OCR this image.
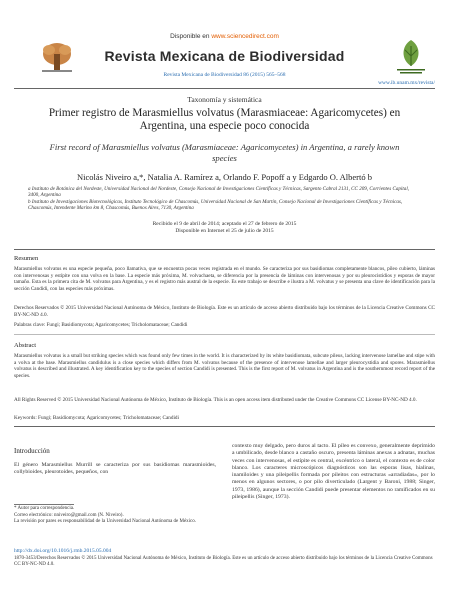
Disponible en www.sciencedirect.com
Revista Mexicana de Biodiversidad
Revista Mexicana de Biodiversidad 86 (2015) 565–568
www.ib.unam.mx/revista/
Taxonomía y sistemática
Primer registro de Marasmiellus volvatus (Marasmiaceae: Agaricomycetes) en Argentina, una especie poco conocida
First record of Marasmiellus volvatus (Marasmiaceae: Agaricomycetes) in Argentina, a rarely known species
Nicolás Niveiro a,*, Natalia A. Ramírez a, Orlando F. Popoff a y Edgardo O. Albertó b
a Instituto de Botánica del Nordeste, Universidad Nacional del Nordeste, Consejo Nacional de Investigaciones Científicas y Técnicas, Sargento Cabral 2131, CC 209, Corrientes Capital, 3400, Argentina
b Instituto de Investigaciones Biotecnológicas, Instituto Tecnológico de Chascomús, Universidad Nacional de San Martín, Consejo Nacional de Investigaciones Científicas y Técnicas, Chascomús, Intendente Marino km 8, Chascomús, Buenos Aires, 7130, Argentina
Recibido el 9 de abril de 2014; aceptado el 27 de febrero de 2015
Disponible en Internet el 25 de julio de 2015
Resumen
Marasmiellus volvatus es una especie pequeña, poco llamativa, que se encuentra pocas veces registrada en el mundo. Se caracteriza por sus basidiomas completamente blancos, píleo cubierto, láminas con intervenosas y estípite con una volva en la base. La especie más próxima, M. volvachaeta, se diferencia por la presencia de láminas con intervenosas y por su pleurocistidios y esporas de mayor tamaño. Esta es la primera cita de M. volvatus para Argentina, y es el registro más austral de la especie. Es este trabajo se describe e ilustra a M. volvatus y se presenta una clave de identificación para la sección Candidi, con las especies más próximas.
Derechos Reservados © 2015 Universidad Nacional Autónoma de México, Instituto de Biología. Este es un artículo de acceso abierto distribuido bajo los términos de la Licencia Creative Commons CC BY-NC-ND 4.0.
Palabras clave: Fungi; Basidiomycota; Agaricomycetes; Tricholomataceae; Candidi
Abstract
Marasmiellus volvatus is a small but striking species which was found only few times in the world. It is characterized by its white basidiomata, subcute pileus, lacking intervenose lamellae and stipe with a volva at the base. Marasmiellus candidulus is a close species which differs from M. volvatus because of the presence of intervenose lamellae and larger pleurocystidia and spores. Marasmiellus volvatus is described and illustrated. A key identification key to the species of section Candidi is presented. This is the first report of M. volvatus in Argentina and is the southernmost record report of the species.
All Rights Reserved © 2015 Universidad Nacional Autónoma de México, Instituto de Biología. This is an open access item distributed under the Creative Commons CC License BY-NC-ND 4.0.
Keywords: Fungi; Basidiomycota; Agaricomycetes; Tricholomataceae; Candidi
Introducción
El género Marasmiellus Murrill se caracteriza por sus basidiomas marasmioides, collybioides, pleurotoides, pequeños, con
contexto muy delgado, pero duros al tacto. El píleo es convexo, generalmente deprimido a umbilicado, desde blanco a castaño oscuro, presenta láminas anexas a adnatas, muchas veces con intervenosas, el estípite es central, excéntrico o lateral, el contexto es de color blanco. Los caracteres microscópicos diagnósticos son las esporas lisas, hialinas, inamiloides y una pileipellis formada por pileitos con estructuras «arradiadas», por lo menos en algunos sectores, o por pilo diverticulado (Largent y Baroni, 1988; Singer, 1973, 1986), aunque la sección Candidi puede presentar elementos no ramificados en su pileipellis (Singer, 1973).
* Autor para correspondencia.
Correo electrónico: nniveiro@gmail.com (N. Niveiro).
La revisión por pares es responsabilidad de la Universidad Nacional Autónoma de México.
http://dx.doi.org/10.1016/j.rmb.2015.05.004
1870-3453/Derechos Reservados © 2015 Universidad Nacional Autónoma de México, Instituto de Biología. Este es un artículo de acceso abierto distribuido bajo los términos de la Licencia Creative Commons CC BY-NC-ND 4.0.
